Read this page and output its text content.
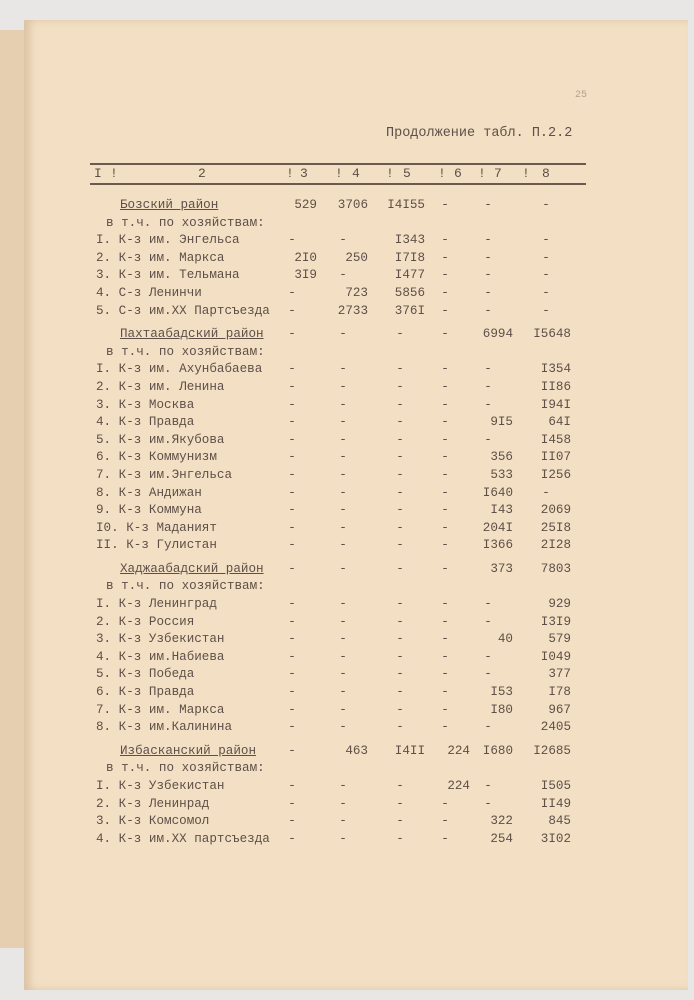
25
Продолжение табл. П.2.2
I !	2	! 3 ! 4 ! 5 ! 6 ! 7 ! 8
Бозский район	529	3706	I4I55	-	-	-
в т.ч. по хозяйствам:
I. К-з им. Энгельса	-	-	I343	-	-	-
2. К-з им. Маркса	2I0	250	I7I8	-	-	-
3. К-з им. Тельмана	3I9	-	I477	-	-	-
4. С-з Ленинчи	-	723	5856	-	-	-
5. С-з им.XX Партсъезда	-	2733	376I	-	-	-
Пахтаабадский район	-	-	-	-	6994	I5648
в т.ч. по хозяйствам:
I. К-з им. Ахунбабаева	-	-	-	-	-	I354
2. К-з им. Ленина	-	-	-	-	-	II86
3. К-з Москва	-	-	-	-	-	I94I
4. К-з Правда	-	-	-	-	9I5	64I
5. К-з им.Якубова	-	-	-	-	-	I458
6. К-з Коммунизм	-	-	-	-	356	II07
7. К-з им.Энгельса	-	-	-	-	533	I256
8. К-з Андижан	-	-	-	-	I640	-
9. К-з Коммуна	-	-	-	-	I43	2069
I0. К-з Маданият	-	-	-	-	204I	25I8
II. К-з Гулистан	-	-	-	-	I366	2I28
Хаджаабадский район	-	-	-	-	373	7803
в т.ч. по хозяйствам:
I. К-з Ленинград	-	-	-	-	-	929
2. К-з Россия	-	-	-	-	-	I3I9
3. К-з Узбекистан	-	-	-	-	40	579
4. К-з им.Набиева	-	-	-	-	-	I049
5. К-з Победа	-	-	-	-	-	377
6. К-з Правда	-	-	-	-	I53	I78
7. К-з им. Маркса	-	-	-	-	I80	967
8. К-з им.Калинина	-	-	-	-	-	2405
Избасканский район	-	463	I4II	224	I680	I2685
в т.ч. по хозяйствам:
I. К-з Узбекистан	-	-	-	224	-	I505
2. К-з Ленинрад	-	-	-	-	-	II49
3. К-з Комсомол	-	-	-	-	322	845
4. К-з им.XX партсъезда	-	-	-	-	254	3I02
